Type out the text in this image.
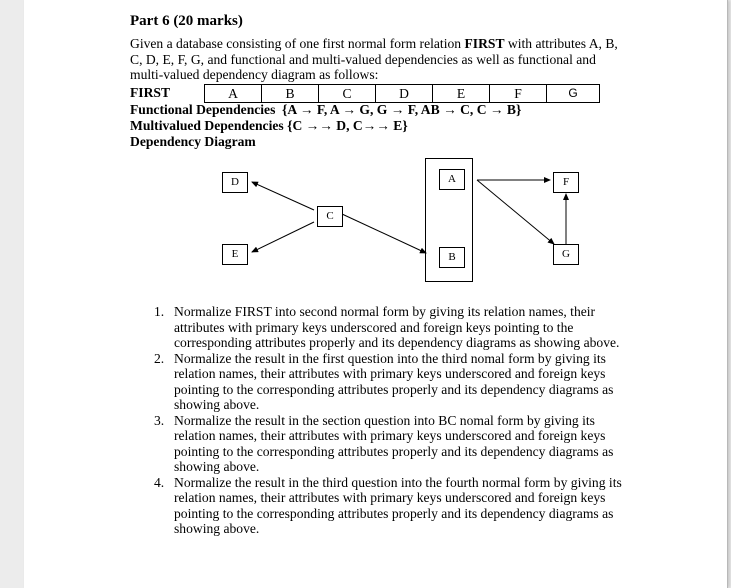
Part 6 (20 marks)

Given a database consisting of one first normal form relation FIRST with attributes A, B, C, D, E, F, G, and functional and multi-valued dependencies as well as functional and multi-valued dependency diagram as follows:

FIRST	A	B	C	D	E	F	G
Functional Dependencies {A → F, A → G, G → F, AB → C, C → B}
Multivalued Dependencies {C →→ D, C→→ E}
Dependency Diagram
D
E
C
A
B
F
G
1. Normalize FIRST into second normal form by giving its relation names, their attributes with primary keys underscored and foreign keys pointing to the corresponding attributes properly and its dependency diagrams as showing above.
2. Normalize the result in the first question into the third nomal form by giving its relation names, their attributes with primary keys underscored and foreign keys pointing to the corresponding attributes properly and its dependency diagrams as showing above.
3. Normalize the result in the section question into BC nomal form by giving its relation names, their attributes with primary keys underscored and foreign keys pointing to the corresponding attributes properly and its dependency diagrams as showing above.
4. Normalize the result in the third question into the fourth normal form by giving its relation names, their attributes with primary keys underscored and foreign keys pointing to the corresponding attributes properly and its dependency diagrams as showing above.
